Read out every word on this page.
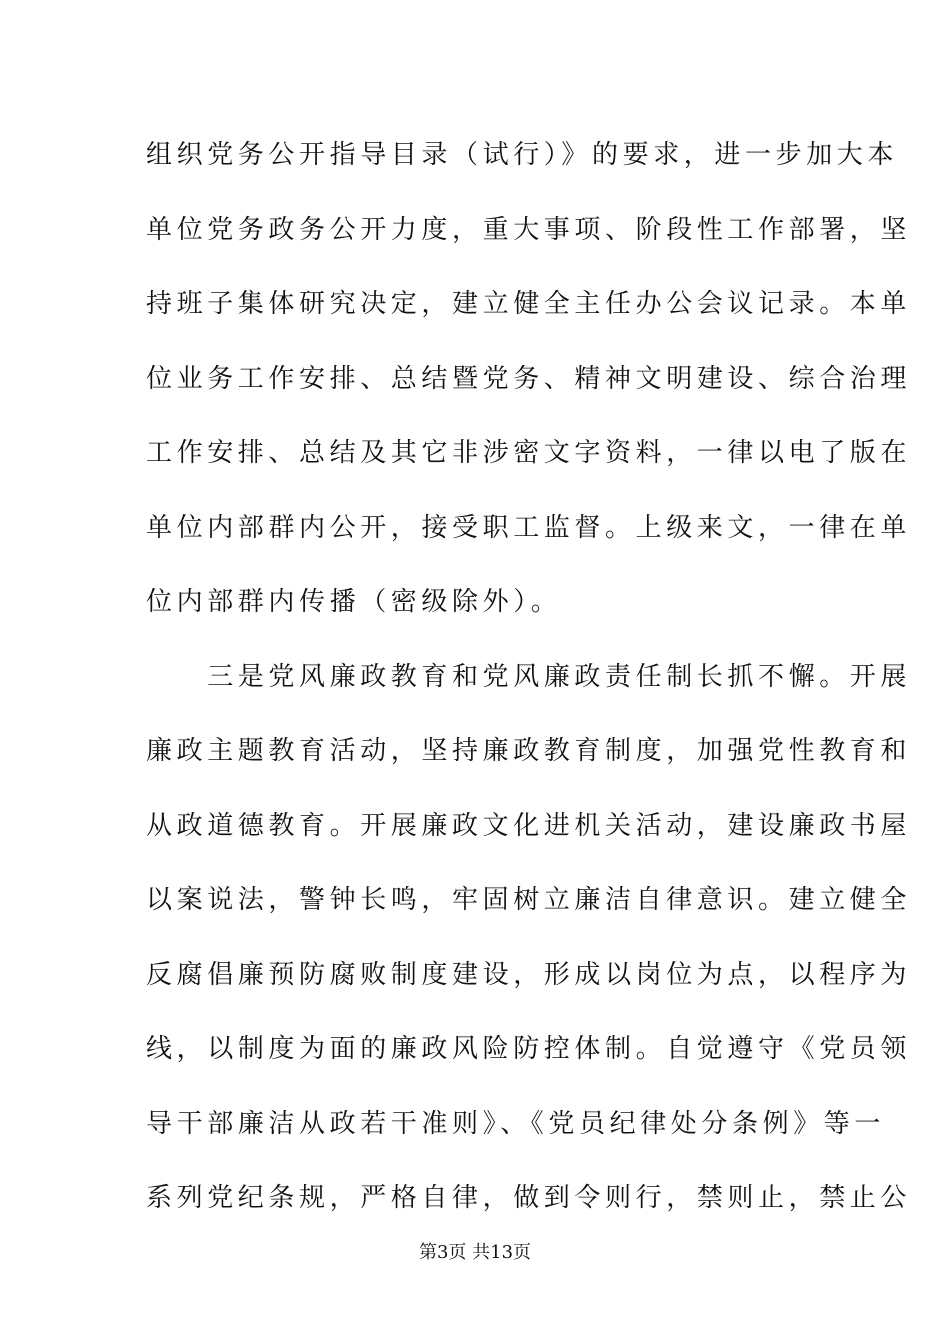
组织党务公开指导目录（试行）》的要求，进一步加大本
单位党务政务公开力度，重大事项、阶段性工作部署，坚
持班子集体研究决定，建立健全主任办公会议记录。本单
位业务工作安排、总结暨党务、精神文明建设、综合治理
工作安排、总结及其它非涉密文字资料，一律以电了版在
单位内部群内公开，接受职工监督。上级来文，一律在单
位内部群内传播（密级除外）。
　　三是党风廉政教育和党风廉政责任制长抓不懈。开展
廉政主题教育活动，坚持廉政教育制度，加强党性教育和
从政道德教育。开展廉政文化进机关活动，建设廉政书屋
以案说法，警钟长鸣，牢固树立廉洁自律意识。建立健全
反腐倡廉预防腐败制度建设，形成以岗位为点，以程序为
线，以制度为面的廉政风险防控体制。自觉遵守《党员领
导干部廉洁从政若干准则》、《党员纪律处分条例》等一
系列党纪条规，严格自律，做到令则行，禁则止，禁止公
第3页 共13页
